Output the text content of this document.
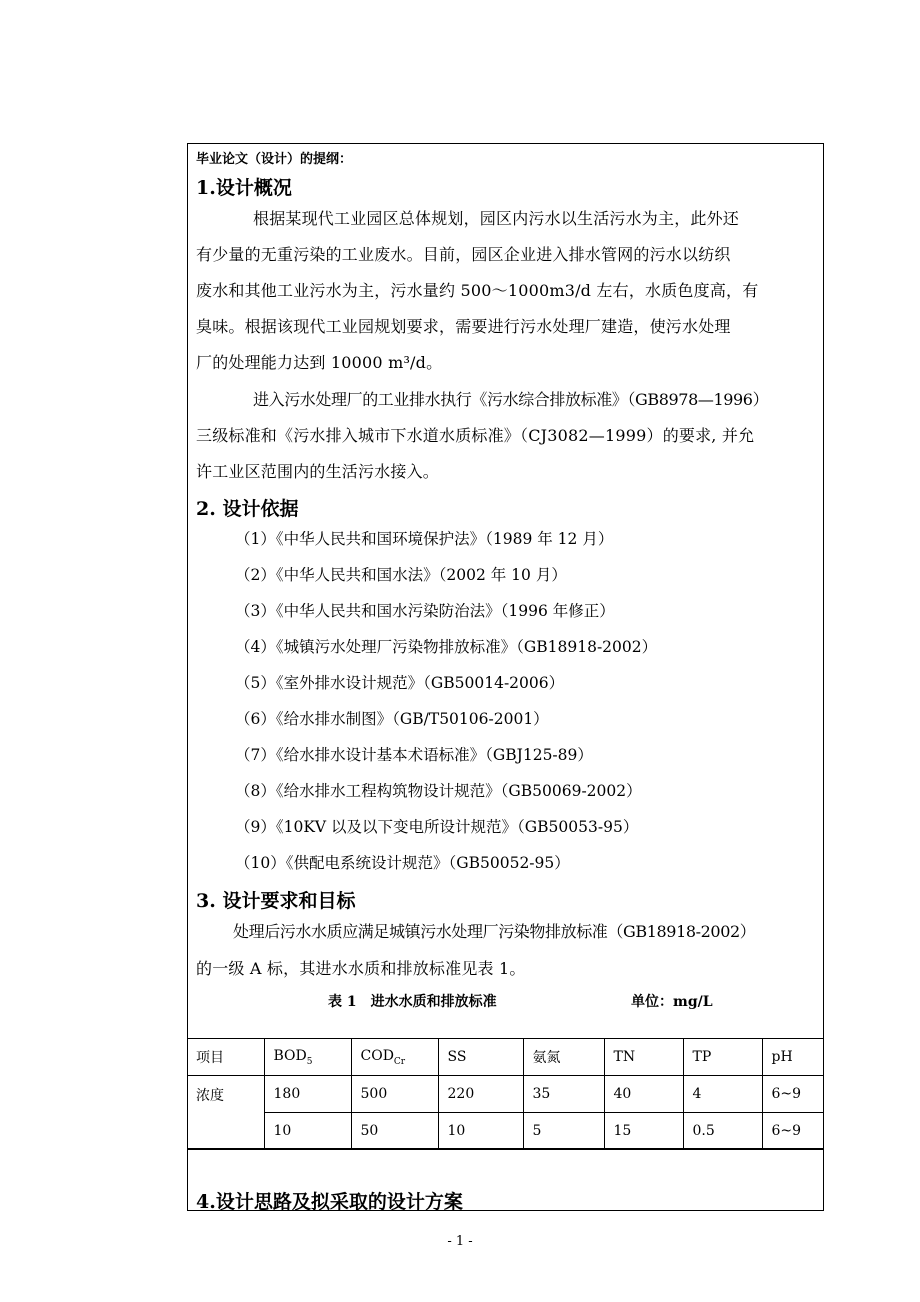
毕业论文（设计）的提纲：
1.设计概况
根据某现代工业园区总体规划，园区内污水以生活污水为主，此外还
有少量的无重污染的工业废水。目前，园区企业进入排水管网的污水以纺织
废水和其他工业污水为主，污水量约 500～1000m3/d 左右，水质色度高，有
臭味。根据该现代工业园规划要求，需要进行污水处理厂建造，使污水处理
厂的处理能力达到 10000 m³/d。
进入污水处理厂的工业排水执行《污水综合排放标准》（GB8978—1996）
三级标准和《污水排入城市下水道水质标准》（CJ3082—1999）的要求, 并允
许工业区范围内的生活污水接入。
2. 设计依据
（1）《中华人民共和国环境保护法》（1989 年 12 月）
（2）《中华人民共和国水法》（2002 年 10 月）
（3）《中华人民共和国水污染防治法》（1996 年修正）
（4）《城镇污水处理厂污染物排放标准》（GB18918-2002）
（5）《室外排水设计规范》（GB50014-2006）
（6）《给水排水制图》（GB/T50106-2001）
（7）《给水排水设计基本术语标准》（GBJ125-89）
（8）《给水排水工程构筑物设计规范》（GB50069-2002）
（9）《10KV 以及以下变电所设计规范》（GB50053-95）
（10）《供配电系统设计规范》（GB50052-95）
3. 设计要求和目标
处理后污水水质应满足城镇污水处理厂污染物排放标准（GB18918-2002）
的一级 A 标，其进水水质和排放标准见表 1。
表 1　进水水质和排放标准	单位：mg/L
项目	$BOD_5$	$COD_{Cr}$	SS	氨氮	TN	TP	pH
浓度	180	500	220	35	40	4	6~9
	10	50	10	5	15	0.5	6~9
4.设计思路及拟采取的设计方案
- 1 -
